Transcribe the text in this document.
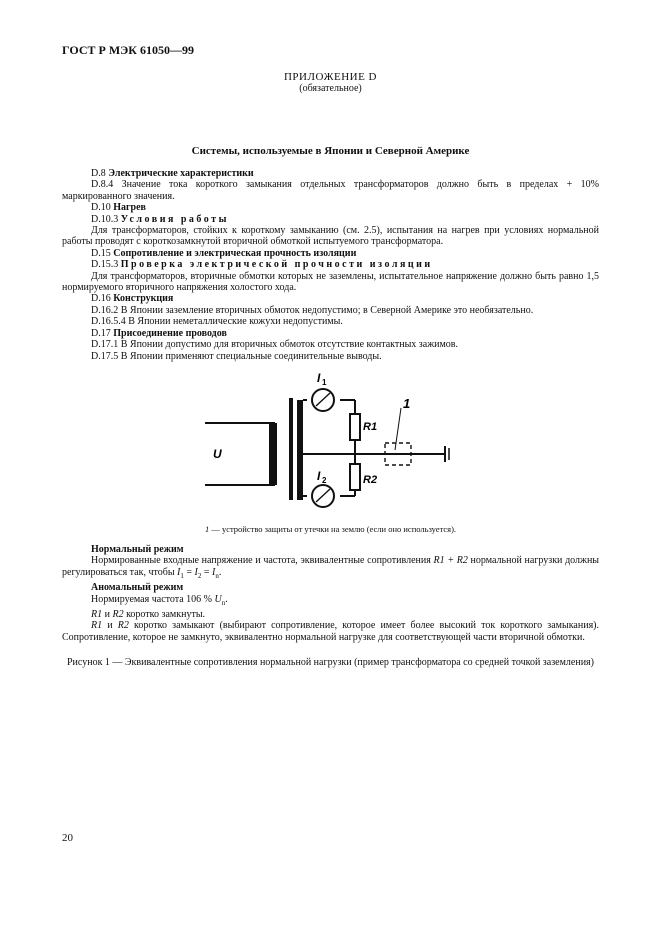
ГОСТ Р МЭК 61050—99
ПРИЛОЖЕНИЕ D
(обязательное)
Системы, используемые в Японии и Северной Америке

D.8 Электрические характеристики

D.8.4 Значение тока короткого замыкания отдельных трансформаторов должно быть в пределах + 10% маркированного значения.

D.10 Нагрев

D.10.3 Условия работы

Для трансформаторов, стойких к короткому замыканию (см. 2.5), испытания на нагрев при условиях нормальной работы проводят с короткозамкнутой вторичной обмоткой испытуемого трансформатора.

D.15 Сопротивление и электрическая прочность изоляции

D.15.3 Проверка электрической прочности изоляции

Для трансформаторов, вторичные обмотки которых не заземлены, испытательное напряжение должно быть равно 1,5 нормируемого вторичного напряжения холостого хода.

D.16 Конструкция

D.16.2 В Японии заземление вторичных обмоток недопустимо; в Северной Америке это необязательно.

D.16.5.4 В Японии неметаллические кожухи недопустимы.

D.17 Присоединение проводов

D.17.1 В Японии допустимо для вторичных обмоток отсутствие контактных зажимов.

D.17.5 В Японии применяют специальные соединительные выводы.

U
I 1
I 2
R1
R2
1
1 — устройство защиты от утечки на землю (если оно используется).

Нормальный режим

Нормированные входные напряжение и частота, эквивалентные сопротивления R1 + R2 нормальной нагрузки должны регулироваться так, чтобы $I_1 = I_2 = I_n$.

Аномальный режим

Нормируемая частота 106 % $U_n$.

R1 и R2 коротко замкнуты.

R1 и R2 коротко замыкают (выбирают сопротивление, которое имеет более высокий ток короткого замыкания). Сопротивление, которое не замкнуто, эквивалентно нормальной нагрузке для соответствующей части вторичной обмотки.

Рисунок 1 — Эквивалентные сопротивления нормальной нагрузки (пример трансформатора со средней точкой заземления)
20
